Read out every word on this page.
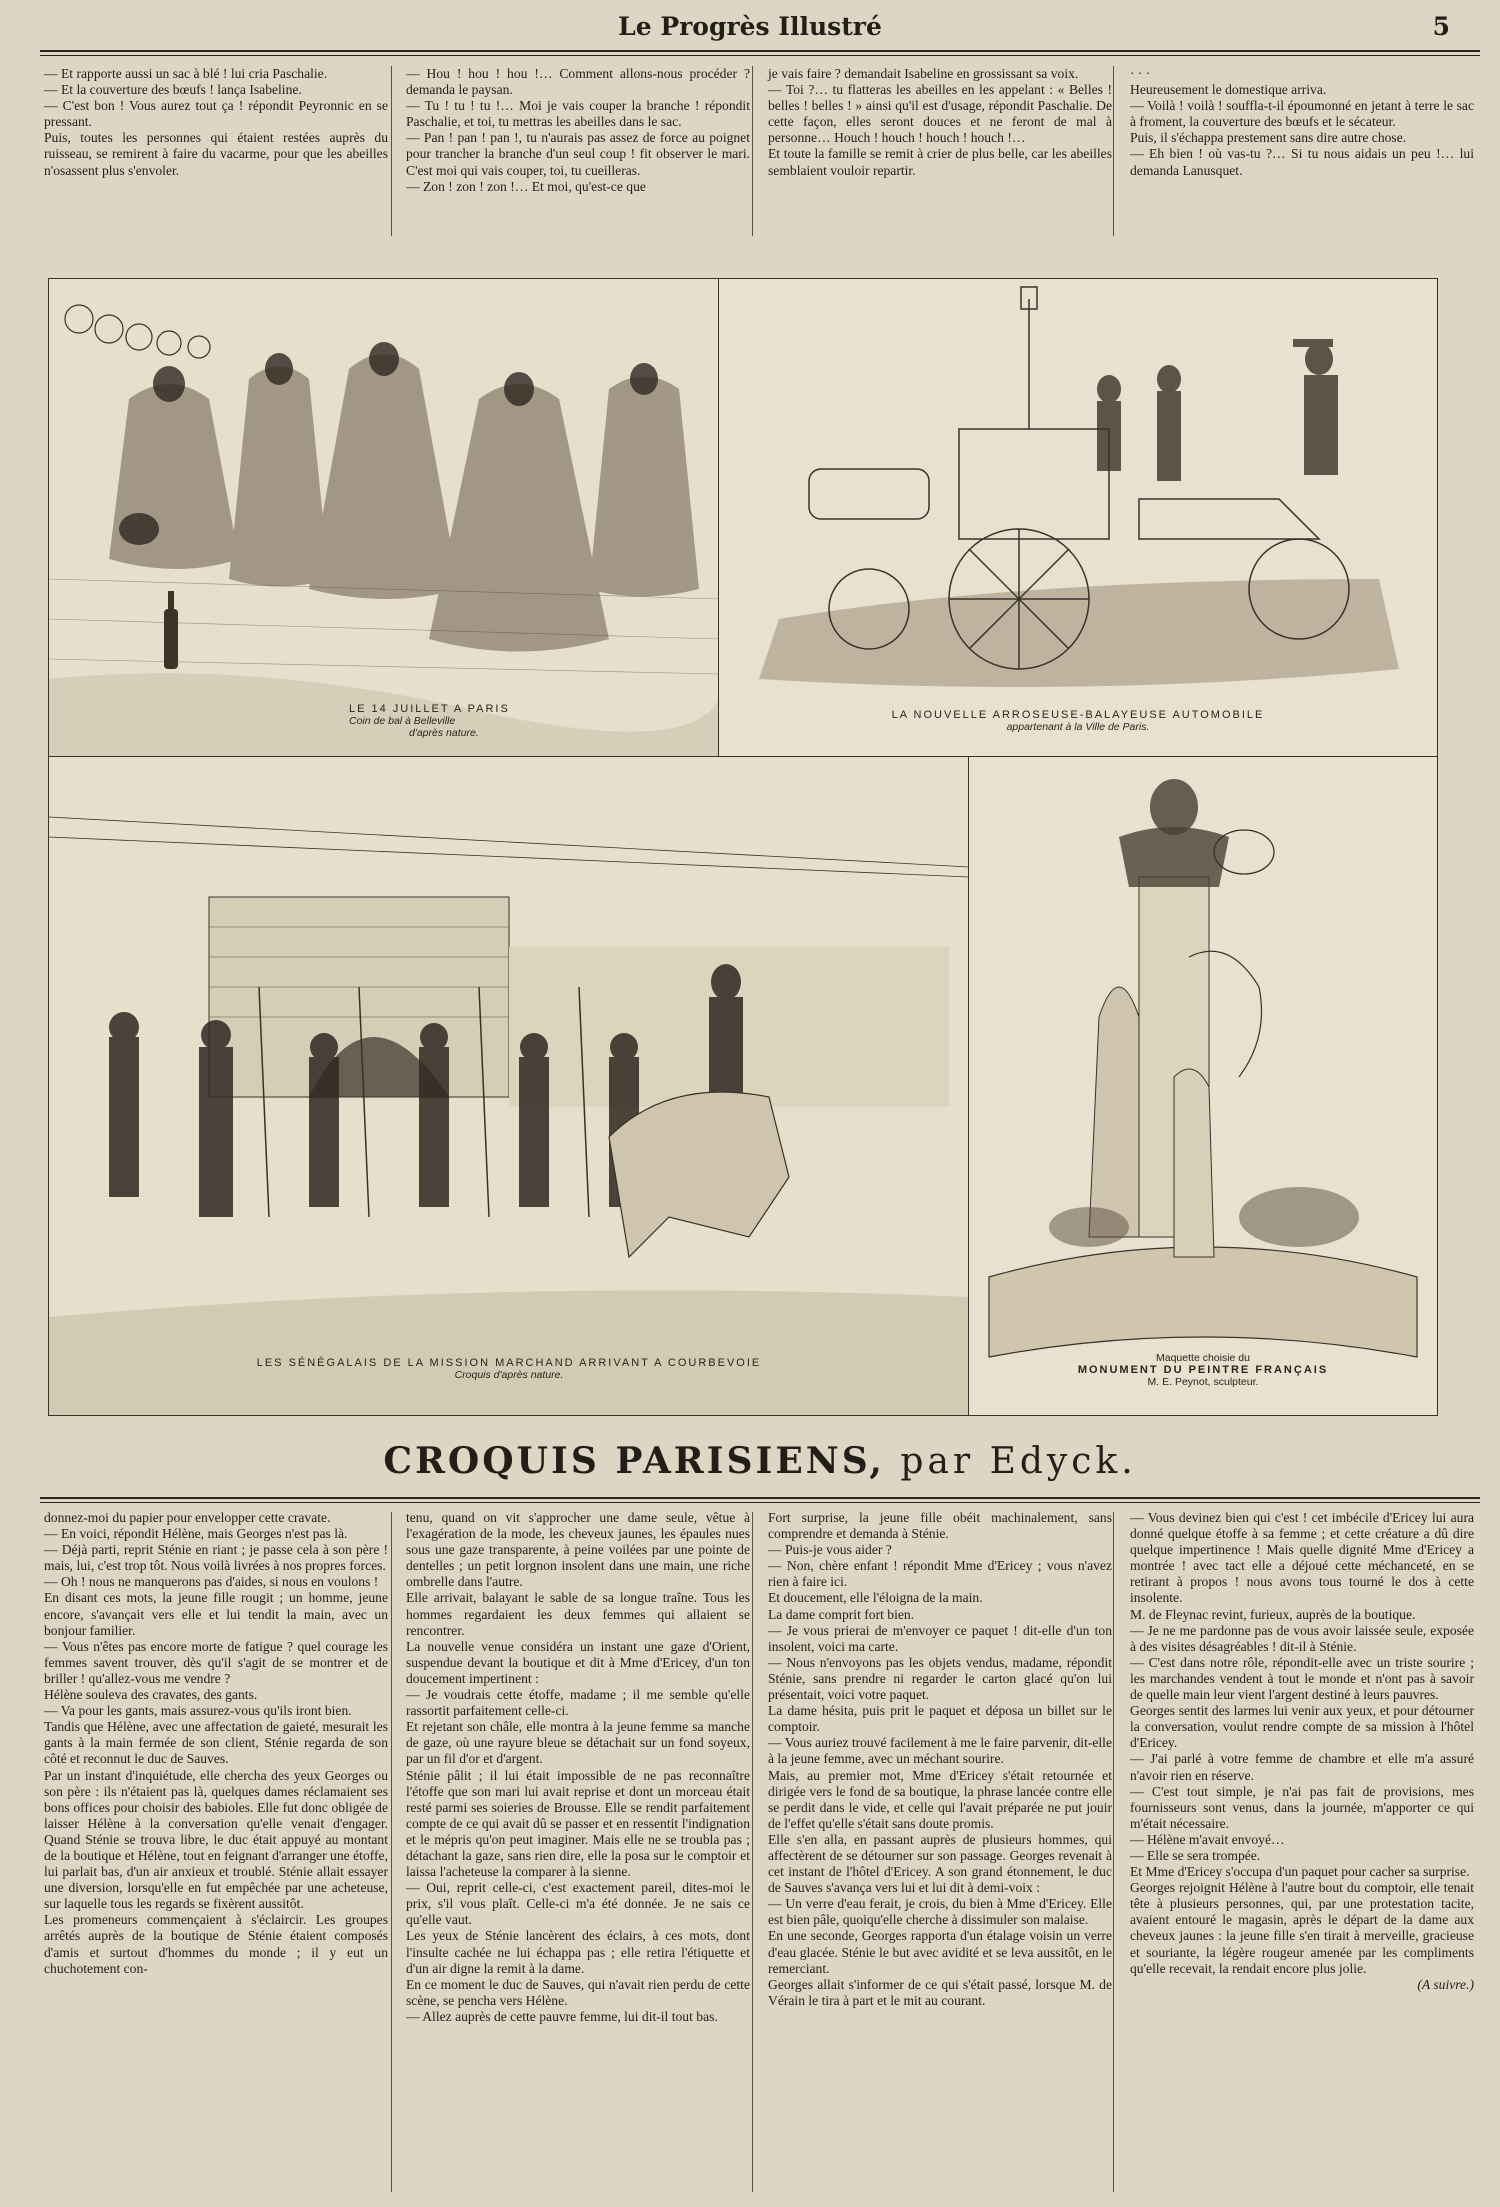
Le Progrès Illustré	5

— Et rapporte aussi un sac à blé ! lui cria Paschalie.
— Et la couverture des bœufs ! lança Isabeline.
— C'est bon ! Vous aurez tout ça ! répondit Peyronnic en se pressant.
Puis, toutes les personnes qui étaient restées auprès du ruisseau, se remirent à faire du vacarme, pour que les abeilles n'osassent plus s'envoler.

— Hou ! hou ! hou !… Comment allons-nous procéder ? demanda le paysan.
— Tu ! tu ! tu !… Moi je vais couper la branche ! répondit Paschalie, et toi, tu mettras les abeilles dans le sac.
— Pan ! pan ! pan !, tu n'aurais pas assez de force au poignet pour trancher la branche d'un seul coup ! fit observer le mari. C'est moi qui vais couper, toi, tu cueilleras.
— Zon ! zon ! zon !… Et moi, qu'est-ce que

je vais faire ? demandait Isabeline en grossissant sa voix.
— Toi ?… tu flatteras les abeilles en les appelant : « Belles ! belles ! belles ! » ainsi qu'il est d'usage, répondit Paschalie. De cette façon, elles seront douces et ne feront de mal à personne… Houch ! houch ! houch ! houch !…
Et toute la famille se remit à crier de plus belle, car les abeilles semblaient vouloir repartir.

· · ·
Heureusement le domestique arriva.
— Voilà ! voilà ! souffla-t-il époumonné en jetant à terre le sac à froment, la couverture des bœufs et le sécateur.
Puis, il s'échappa prestement sans dire autre chose.
— Eh bien ! où vas-tu ?… Si tu nous aidais un peu !… lui demanda Lanusquet.

LE 14 JUILLET A PARIS
Coin de bal à Belleville
d'après nature.
LA NOUVELLE ARROSEUSE-BALAYEUSE AUTOMOBILE
appartenant à la Ville de Paris.
LES SÉNÉGALAIS DE LA MISSION MARCHAND ARRIVANT A COURBEVOIE
Croquis d'après nature.
Maquette choisie du
MONUMENT DU PEINTRE FRANÇAIS
M. E. Peynot, sculpteur.
CROQUIS PARISIENS, par Edyck.

donnez-moi du papier pour envelopper cette cravate.
— En voici, répondit Hélène, mais Georges n'est pas là.
— Déjà parti, reprit Sténie en riant ; je passe cela à son père ! mais, lui, c'est trop tôt. Nous voilà livrées à nos propres forces.
— Oh ! nous ne manquerons pas d'aides, si nous en voulons !
En disant ces mots, la jeune fille rougit ; un homme, jeune encore, s'avançait vers elle et lui tendit la main, avec un bonjour familier.
— Vous n'êtes pas encore morte de fatigue ? quel courage les femmes savent trouver, dès qu'il s'agit de se montrer et de briller ! qu'allez-vous me vendre ?
Hélène souleva des cravates, des gants.
— Va pour les gants, mais assurez-vous qu'ils iront bien.
Tandis que Hélène, avec une affectation de gaieté, mesurait les gants à la main fermée de son client, Sténie regarda de son côté et reconnut le duc de Sauves.
Par un instant d'inquiétude, elle chercha des yeux Georges ou son père : ils n'étaient pas là, quelques dames réclamaient ses bons offices pour choisir des babioles. Elle fut donc obligée de laisser Hélène à la conversation qu'elle venait d'engager. Quand Sténie se trouva libre, le duc était appuyé au montant de la boutique et Hélène, tout en feignant d'arranger une étoffe, lui parlait bas, d'un air anxieux et troublé. Sténie allait essayer une diversion, lorsqu'elle en fut empêchée par une acheteuse, sur laquelle tous les regards se fixèrent aussitôt.
Les promeneurs commençaient à s'éclaircir. Les groupes arrêtés auprès de la boutique de Sténie étaient composés d'amis et surtout d'hommes du monde ; il y eut un chuchotement con-

tenu, quand on vit s'approcher une dame seule, vêtue à l'exagération de la mode, les cheveux jaunes, les épaules nues sous une gaze transparente, à peine voilées par une pointe de dentelles ; un petit lorgnon insolent dans une main, une riche ombrelle dans l'autre.
Elle arrivait, balayant le sable de sa longue traîne. Tous les hommes regardaient les deux femmes qui allaient se rencontrer.
La nouvelle venue considéra un instant une gaze d'Orient, suspendue devant la boutique et dit à Mme d'Ericey, d'un ton doucement impertinent :
— Je voudrais cette étoffe, madame ; il me semble qu'elle rassortit parfaitement celle-ci.
Et rejetant son châle, elle montra à la jeune femme sa manche de gaze, où une rayure bleue se détachait sur un fond soyeux, par un fil d'or et d'argent.
Sténie pâlit ; il lui était impossible de ne pas reconnaître l'étoffe que son mari lui avait reprise et dont un morceau était resté parmi ses soieries de Brousse. Elle se rendit parfaitement compte de ce qui avait dû se passer et en ressentit l'indignation et le mépris qu'on peut imaginer. Mais elle ne se troubla pas ; détachant la gaze, sans rien dire, elle la posa sur le comptoir et laissa l'acheteuse la comparer à la sienne.
— Oui, reprit celle-ci, c'est exactement pareil, dites-moi le prix, s'il vous plaît. Celle-ci m'a été donnée. Je ne sais ce qu'elle vaut.
Les yeux de Sténie lancèrent des éclairs, à ces mots, dont l'insulte cachée ne lui échappa pas ; elle retira l'étiquette et d'un air digne la remit à la dame.
En ce moment le duc de Sauves, qui n'avait rien perdu de cette scène, se pencha vers Hélène.
— Allez auprès de cette pauvre femme, lui dit-il tout bas.

Fort surprise, la jeune fille obéit machinalement, sans comprendre et demanda à Sténie.
— Puis-je vous aider ?
— Non, chère enfant ! répondit Mme d'Ericey ; vous n'avez rien à faire ici.
Et doucement, elle l'éloigna de la main.
La dame comprit fort bien.
— Je vous prierai de m'envoyer ce paquet ! dit-elle d'un ton insolent, voici ma carte.
— Nous n'envoyons pas les objets vendus, madame, répondit Sténie, sans prendre ni regarder le carton glacé qu'on lui présentait, voici votre paquet.
La dame hésita, puis prit le paquet et déposa un billet sur le comptoir.
— Vous auriez trouvé facilement à me le faire parvenir, dit-elle à la jeune femme, avec un méchant sourire.
Mais, au premier mot, Mme d'Ericey s'était retournée et dirigée vers le fond de sa boutique, la phrase lancée contre elle se perdit dans le vide, et celle qui l'avait préparée ne put jouir de l'effet qu'elle s'était sans doute promis.
Elle s'en alla, en passant auprès de plusieurs hommes, qui affectèrent de se détourner sur son passage. Georges revenait à cet instant de l'hôtel d'Ericey. A son grand étonnement, le duc de Sauves s'avança vers lui et lui dit à demi-voix :
— Un verre d'eau ferait, je crois, du bien à Mme d'Ericey. Elle est bien pâle, quoiqu'elle cherche à dissimuler son malaise.
En une seconde, Georges rapporta d'un étalage voisin un verre d'eau glacée. Sténie le but avec avidité et se leva aussitôt, en le remerciant.
Georges allait s'informer de ce qui s'était passé, lorsque M. de Vérain le tira à part et le mit au courant.

— Vous devinez bien qui c'est ! cet imbécile d'Ericey lui aura donné quelque étoffe à sa femme ; et cette créature a dû dire quelque impertinence ! Mais quelle dignité Mme d'Ericey a montrée ! avec tact elle a déjoué cette méchanceté, en se retirant à propos ! nous avons tous tourné le dos à cette insolente.
M. de Fleynac revint, furieux, auprès de la boutique.
— Je ne me pardonne pas de vous avoir laissée seule, exposée à des visites désagréables ! dit-il à Sténie.
— C'est dans notre rôle, répondit-elle avec un triste sourire ; les marchandes vendent à tout le monde et n'ont pas à savoir de quelle main leur vient l'argent destiné à leurs pauvres.
Georges sentit des larmes lui venir aux yeux, et pour détourner la conversation, voulut rendre compte de sa mission à l'hôtel d'Ericey.
— J'ai parlé à votre femme de chambre et elle m'a assuré n'avoir rien en réserve.
— C'est tout simple, je n'ai pas fait de provisions, mes fournisseurs sont venus, dans la journée, m'apporter ce qui m'était nécessaire.
— Hélène m'avait envoyé…
— Elle se sera trompée.
Et Mme d'Ericey s'occupa d'un paquet pour cacher sa surprise.
Georges rejoignit Hélène à l'autre bout du comptoir, elle tenait tête à plusieurs personnes, qui, par une protestation tacite, avaient entouré le magasin, après le départ de la dame aux cheveux jaunes : la jeune fille s'en tirait à merveille, gracieuse et souriante, la légère rougeur amenée par les compliments qu'elle recevait, la rendait encore plus jolie.

(A suivre.)
